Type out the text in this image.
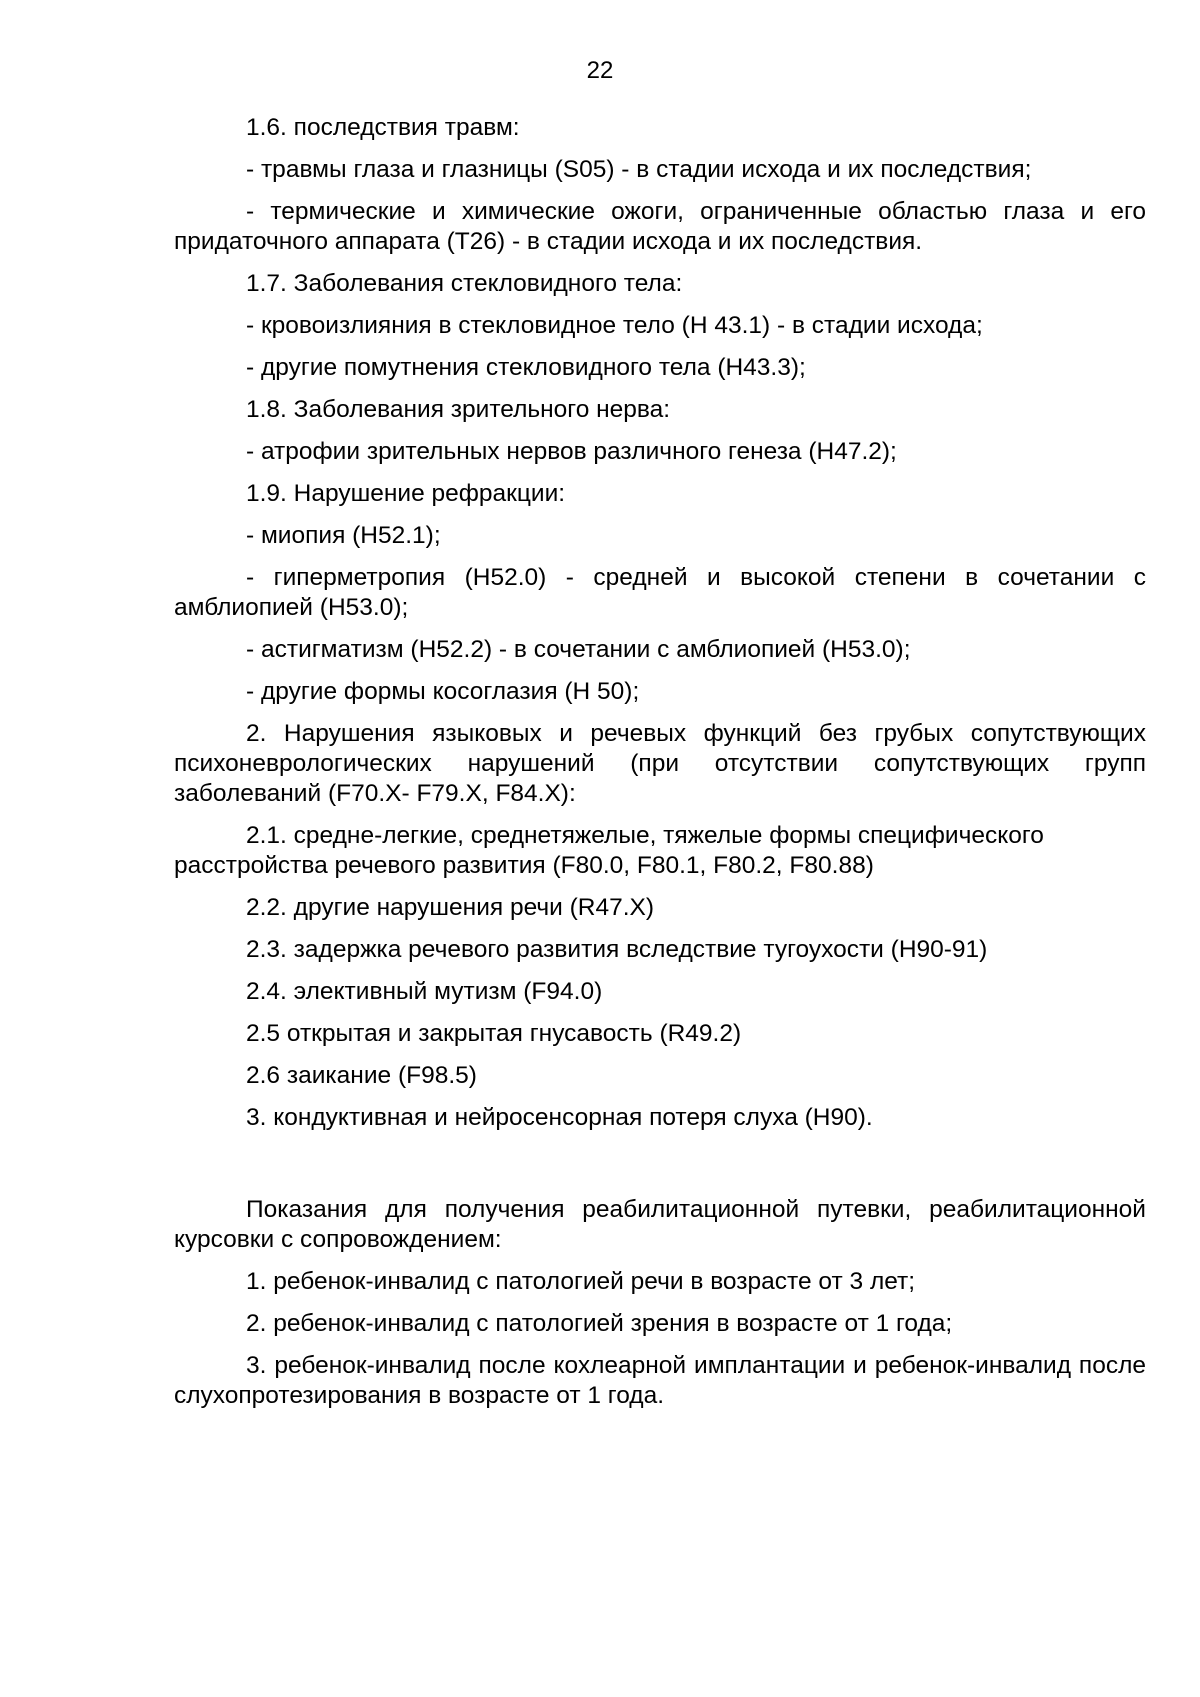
22

1.6. последствия травм:

- травмы глаза и глазницы (S05) - в стадии исхода и их последствия;

- термические и химические ожоги, ограниченные областью глаза и его придаточного аппарата (Т26) - в стадии исхода и их последствия.

1.7. Заболевания стекловидного тела:

- кровоизлияния в стекловидное тело (Н 43.1) - в стадии исхода;

- другие помутнения стекловидного тела (Н43.3);

1.8. Заболевания зрительного нерва:

- атрофии зрительных нервов различного генеза (Н47.2);

1.9. Нарушение рефракции:

- миопия (Н52.1);

- гиперметропия (Н52.0) - средней и высокой степени в сочетании с амблиопией (Н53.0);

- астигматизм (Н52.2) - в сочетании с амблиопией (Н53.0);

- другие формы косоглазия (Н 50);

2. Нарушения языковых и речевых функций без грубых сопутствующих психоневрологических нарушений (при отсутствии сопутствующих групп заболеваний (F70.X- F79.X, F84.X):

2.1. средне-легкие, среднетяжелые, тяжелые формы специфического расстройства речевого развития (F80.0, F80.1, F80.2, F80.88)

2.2. другие нарушения речи (R47.X)

2.3. задержка речевого развития вследствие тугоухости (Н90-91)

2.4. элективный мутизм (F94.0)

2.5 открытая и закрытая гнусавость (R49.2)

2.6 заикание (F98.5)

3. кондуктивная и нейросенсорная потеря слуха (Н90).

Показания для получения реабилитационной путевки, реабилитационной курсовки с сопровождением:

1. ребенок-инвалид с патологией речи в возрасте от 3 лет;

2. ребенок-инвалид с патологией зрения в возрасте от 1 года;

3. ребенок-инвалид после кохлеарной имплантации и ребенок-инвалид после слухопротезирования в возрасте от 1 года.
